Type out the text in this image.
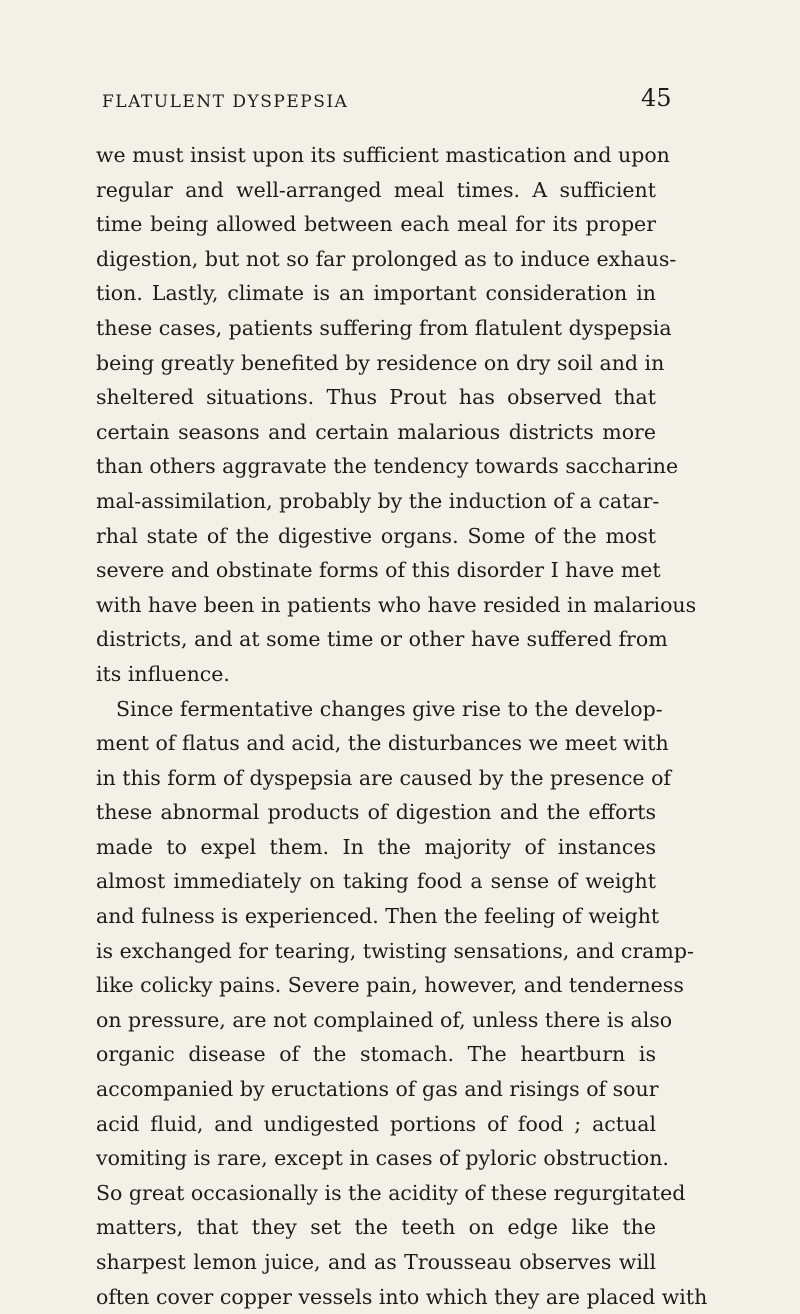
FLATULENT DYSPEPSIA	45
we must insist upon its sufficient mastication and upon
regular and well-arranged meal times. A sufficient
time being allowed between each meal for its proper
digestion, but not so far prolonged as to induce exhaus-
tion. Lastly, climate is an important consideration in
these cases, patients suffering from flatulent dyspepsia
being greatly benefited by residence on dry soil and in
sheltered situations. Thus Prout has observed that
certain seasons and certain malarious districts more
than others aggravate the tendency towards saccharine
mal-assimilation, probably by the induction of a catar-
rhal state of the digestive organs. Some of the most
severe and obstinate forms of this disorder I have met
with have been in patients who have resided in malarious
districts, and at some time or other have suffered from
its influence.
Since fermentative changes give rise to the develop-
ment of flatus and acid, the disturbances we meet with
in this form of dyspepsia are caused by the presence of
these abnormal products of digestion and the efforts
made to expel them. In the majority of instances
almost immediately on taking food a sense of weight
and fulness is experienced. Then the feeling of weight
is exchanged for tearing, twisting sensations, and cramp-
like colicky pains. Severe pain, however, and tenderness
on pressure, are not complained of, unless there is also
organic disease of the stomach. The heartburn is
accompanied by eructations of gas and risings of sour
acid fluid, and undigested portions of food ; actual
vomiting is rare, except in cases of pyloric obstruction.
So great occasionally is the acidity of these regurgitated
matters, that they set the teeth on edge like the
sharpest lemon juice, and as Trousseau observes will
often cover copper vessels into which they are placed with
